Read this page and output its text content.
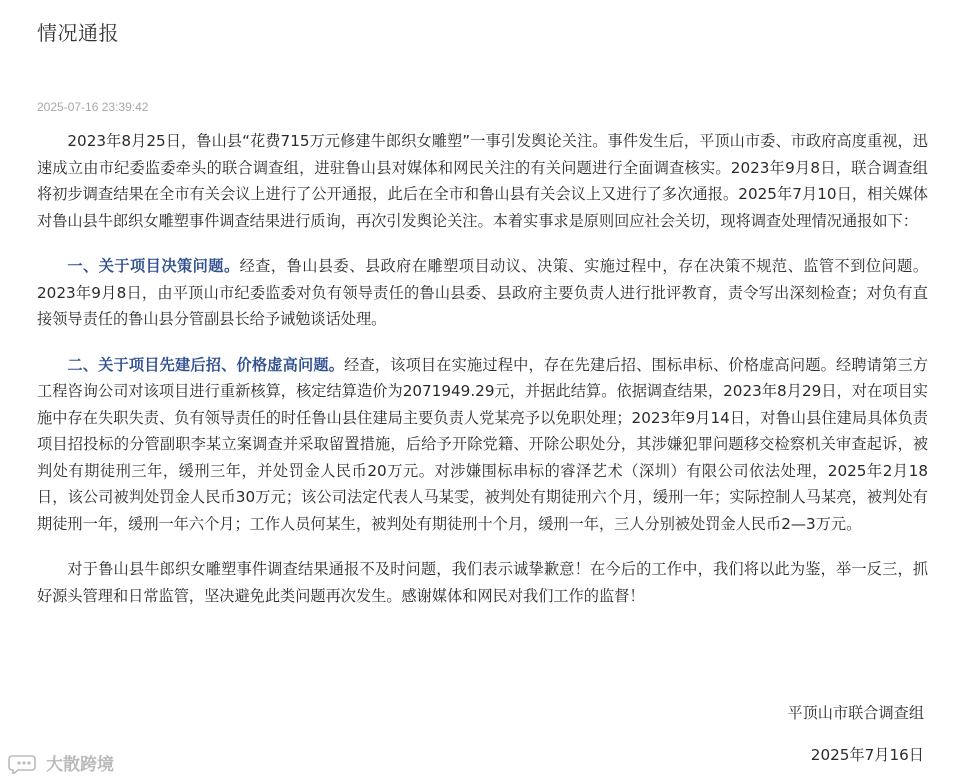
情况通报
2025-07-16 23:39:42

2023年8月25日，鲁山县“花费715万元修建牛郎织女雕塑”一事引发舆论关注。事件发生后，平顶山市委、市政府高度重视，迅速成立由市纪委监委牵头的联合调查组，进驻鲁山县对媒体和网民关注的有关问题进行全面调查核实。2023年9月8日，联合调查组将初步调查结果在全市有关会议上进行了公开通报，此后在全市和鲁山县有关会议上又进行了多次通报。2025年7月10日，相关媒体对鲁山县牛郎织女雕塑事件调查结果进行质询，再次引发舆论关注。本着实事求是原则回应社会关切，现将调查处理情况通报如下：

一、关于项目决策问题。经查，鲁山县委、县政府在雕塑项目动议、决策、实施过程中，存在决策不规范、监管不到位问题。2023年9月8日，由平顶山市纪委监委对负有领导责任的鲁山县委、县政府主要负责人进行批评教育，责令写出深刻检查；对负有直接领导责任的鲁山县分管副县长给予诫勉谈话处理。

二、关于项目先建后招、价格虚高问题。经查，该项目在实施过程中，存在先建后招、围标串标、价格虚高问题。经聘请第三方工程咨询公司对该项目进行重新核算，核定结算造价为2071949.29元，并据此结算。依据调查结果，2023年8月29日，对在项目实施中存在失职失责、负有领导责任的时任鲁山县住建局主要负责人党某亮予以免职处理；2023年9月14日，对鲁山县住建局具体负责项目招投标的分管副职李某立案调查并采取留置措施，后给予开除党籍、开除公职处分，其涉嫌犯罪问题移交检察机关审查起诉，被判处有期徒刑三年，缓刑三年，并处罚金人民币20万元。对涉嫌围标串标的睿泽艺术（深圳）有限公司依法处理，2025年2月18日，该公司被判处罚金人民币30万元；该公司法定代表人马某雯，被判处有期徒刑六个月，缓刑一年；实际控制人马某亮，被判处有期徒刑一年，缓刑一年六个月；工作人员何某生，被判处有期徒刑十个月，缓刑一年，三人分别被处罚金人民币2—3万元。

对于鲁山县牛郎织女雕塑事件调查结果通报不及时问题，我们表示诚挚歉意！在今后的工作中，我们将以此为鉴，举一反三，抓好源头管理和日常监管，坚决避免此类问题再次发生。感谢媒体和网民对我们工作的监督！

平顶山市联合调查组
2025年7月16日
大散跨境
